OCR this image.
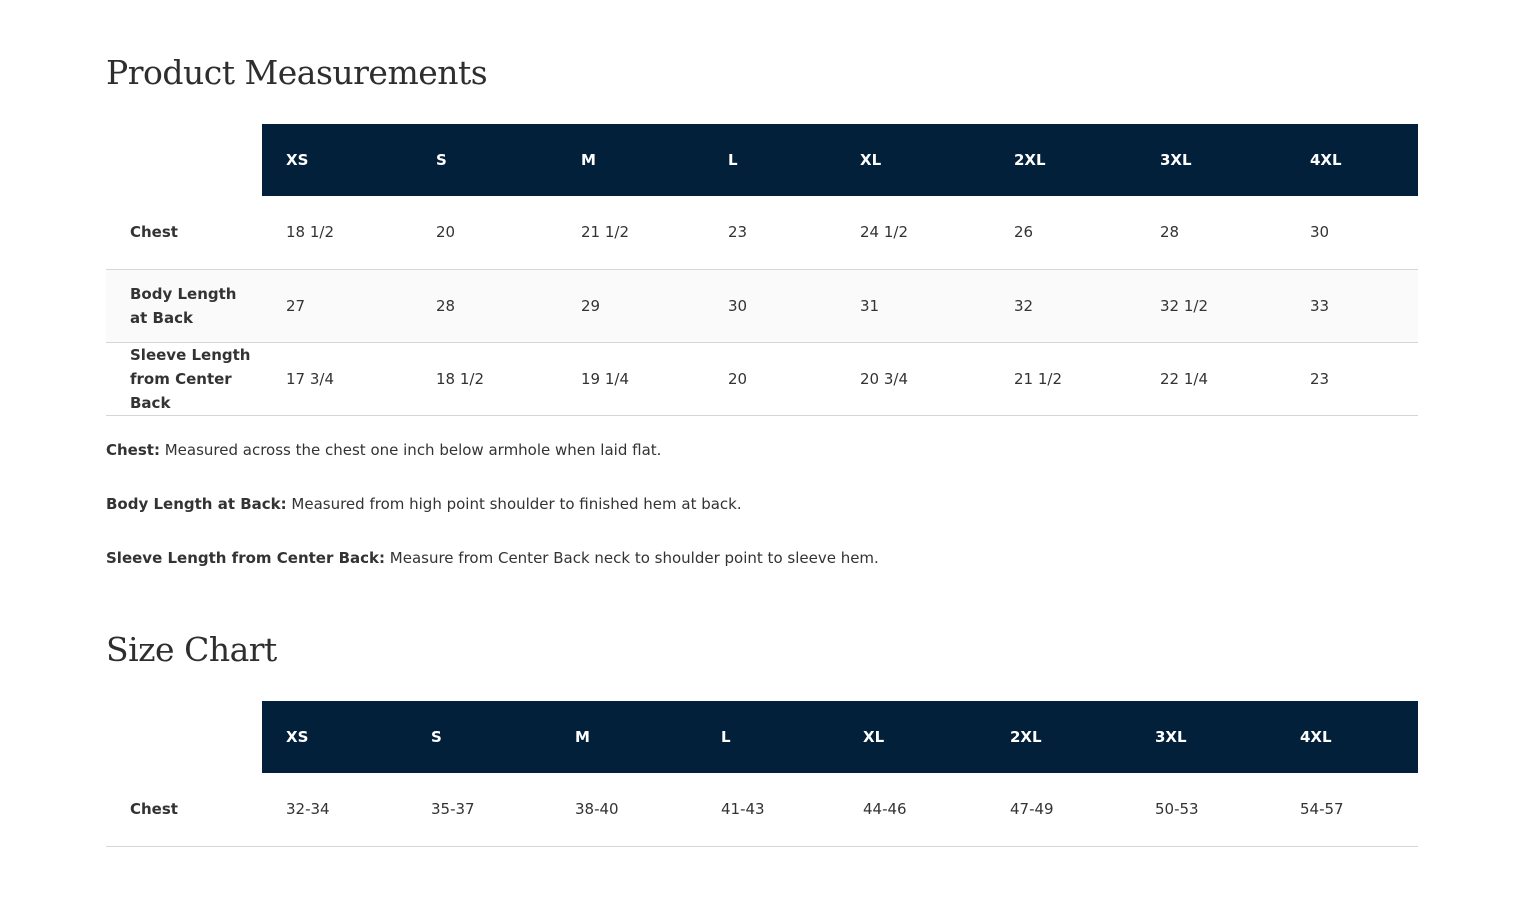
Product Measurements
	XS	S	M	L	XL	2XL	3XL	4XL
Chest	18 1/2	20	21 1/2	23	24 1/2	26	28	30
Body Length at Back	27	28	29	30	31	32	32 1/2	33
Sleeve Length from Center Back	17 3/4	18 1/2	19 1/4	20	20 3/4	21 1/2	22 1/4	23

Chest: Measured across the chest one inch below armhole when laid flat.

Body Length at Back: Measured from high point shoulder to finished hem at back.

Sleeve Length from Center Back: Measure from Center Back neck to shoulder point to sleeve hem.

Size Chart
	XS	S	M	L	XL	2XL	3XL	4XL
Chest	32-34	35-37	38-40	41-43	44-46	47-49	50-53	54-57
